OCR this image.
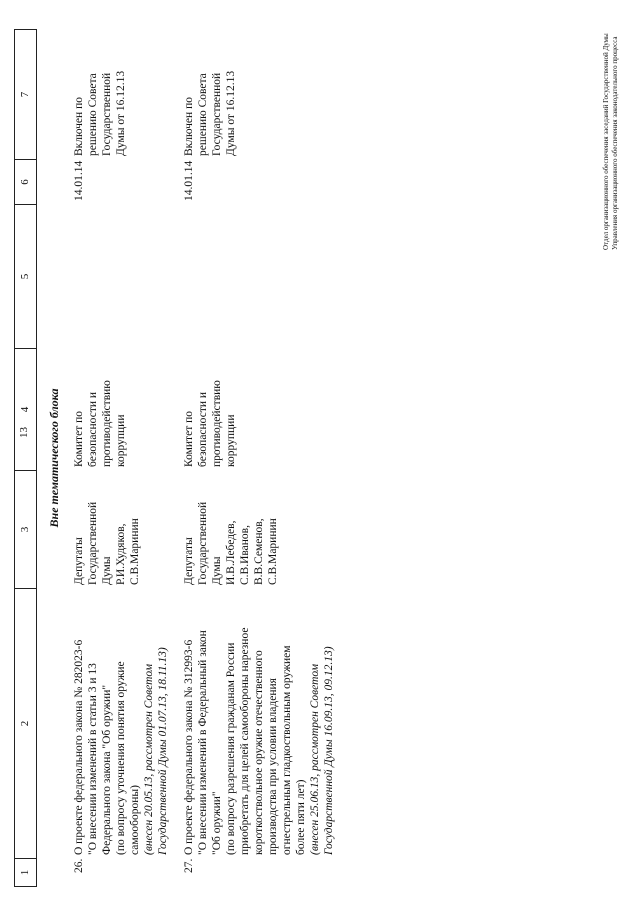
13
1
2
3
4
5
6
7
Вне тематического блока
26.
О проекте федерального закона № 282023-6 "О внесении изменений в статьи 3 и 13 Федерального закона "Об оружии" (по вопросу уточнения понятия оружие самообороны) (внесен 20.05.13, рассмотрен Советом Государственной Думы 01.07.13, 18.11.13)
Депутаты Государственной Думы Р.И.Худяков, С.В.Маринин
Комитет по безопасности и противодействию коррупции
14.01.14
Включен по решению Совета Государственной Думы от 16.12.13
27.
О проекте федерального закона № 312993-6 "О внесении изменений в Федеральный закон "Об оружии" (по вопросу разрешения гражданам России приобретать для целей самообороны нарезное короткоствольное оружие отечественного производства при условии владения огнестрельным гладкоствольным оружием более пяти лет) (внесен 25.06.13, рассмотрен Советом Государственной Думы 16.09.13, 09.12.13)
Депутаты Государственной Думы И.В.Лебедев, С.В.Иванов, В.В.Семенов, С.В.Маринин
Комитет по безопасности и противодействию коррупции
14.01.14
Включен по решению Совета Государственной Думы от 16.12.13	Отдел организационного обеспечения заседаний Государственной Думы Управления организационного обеспечения законодательного процесса
